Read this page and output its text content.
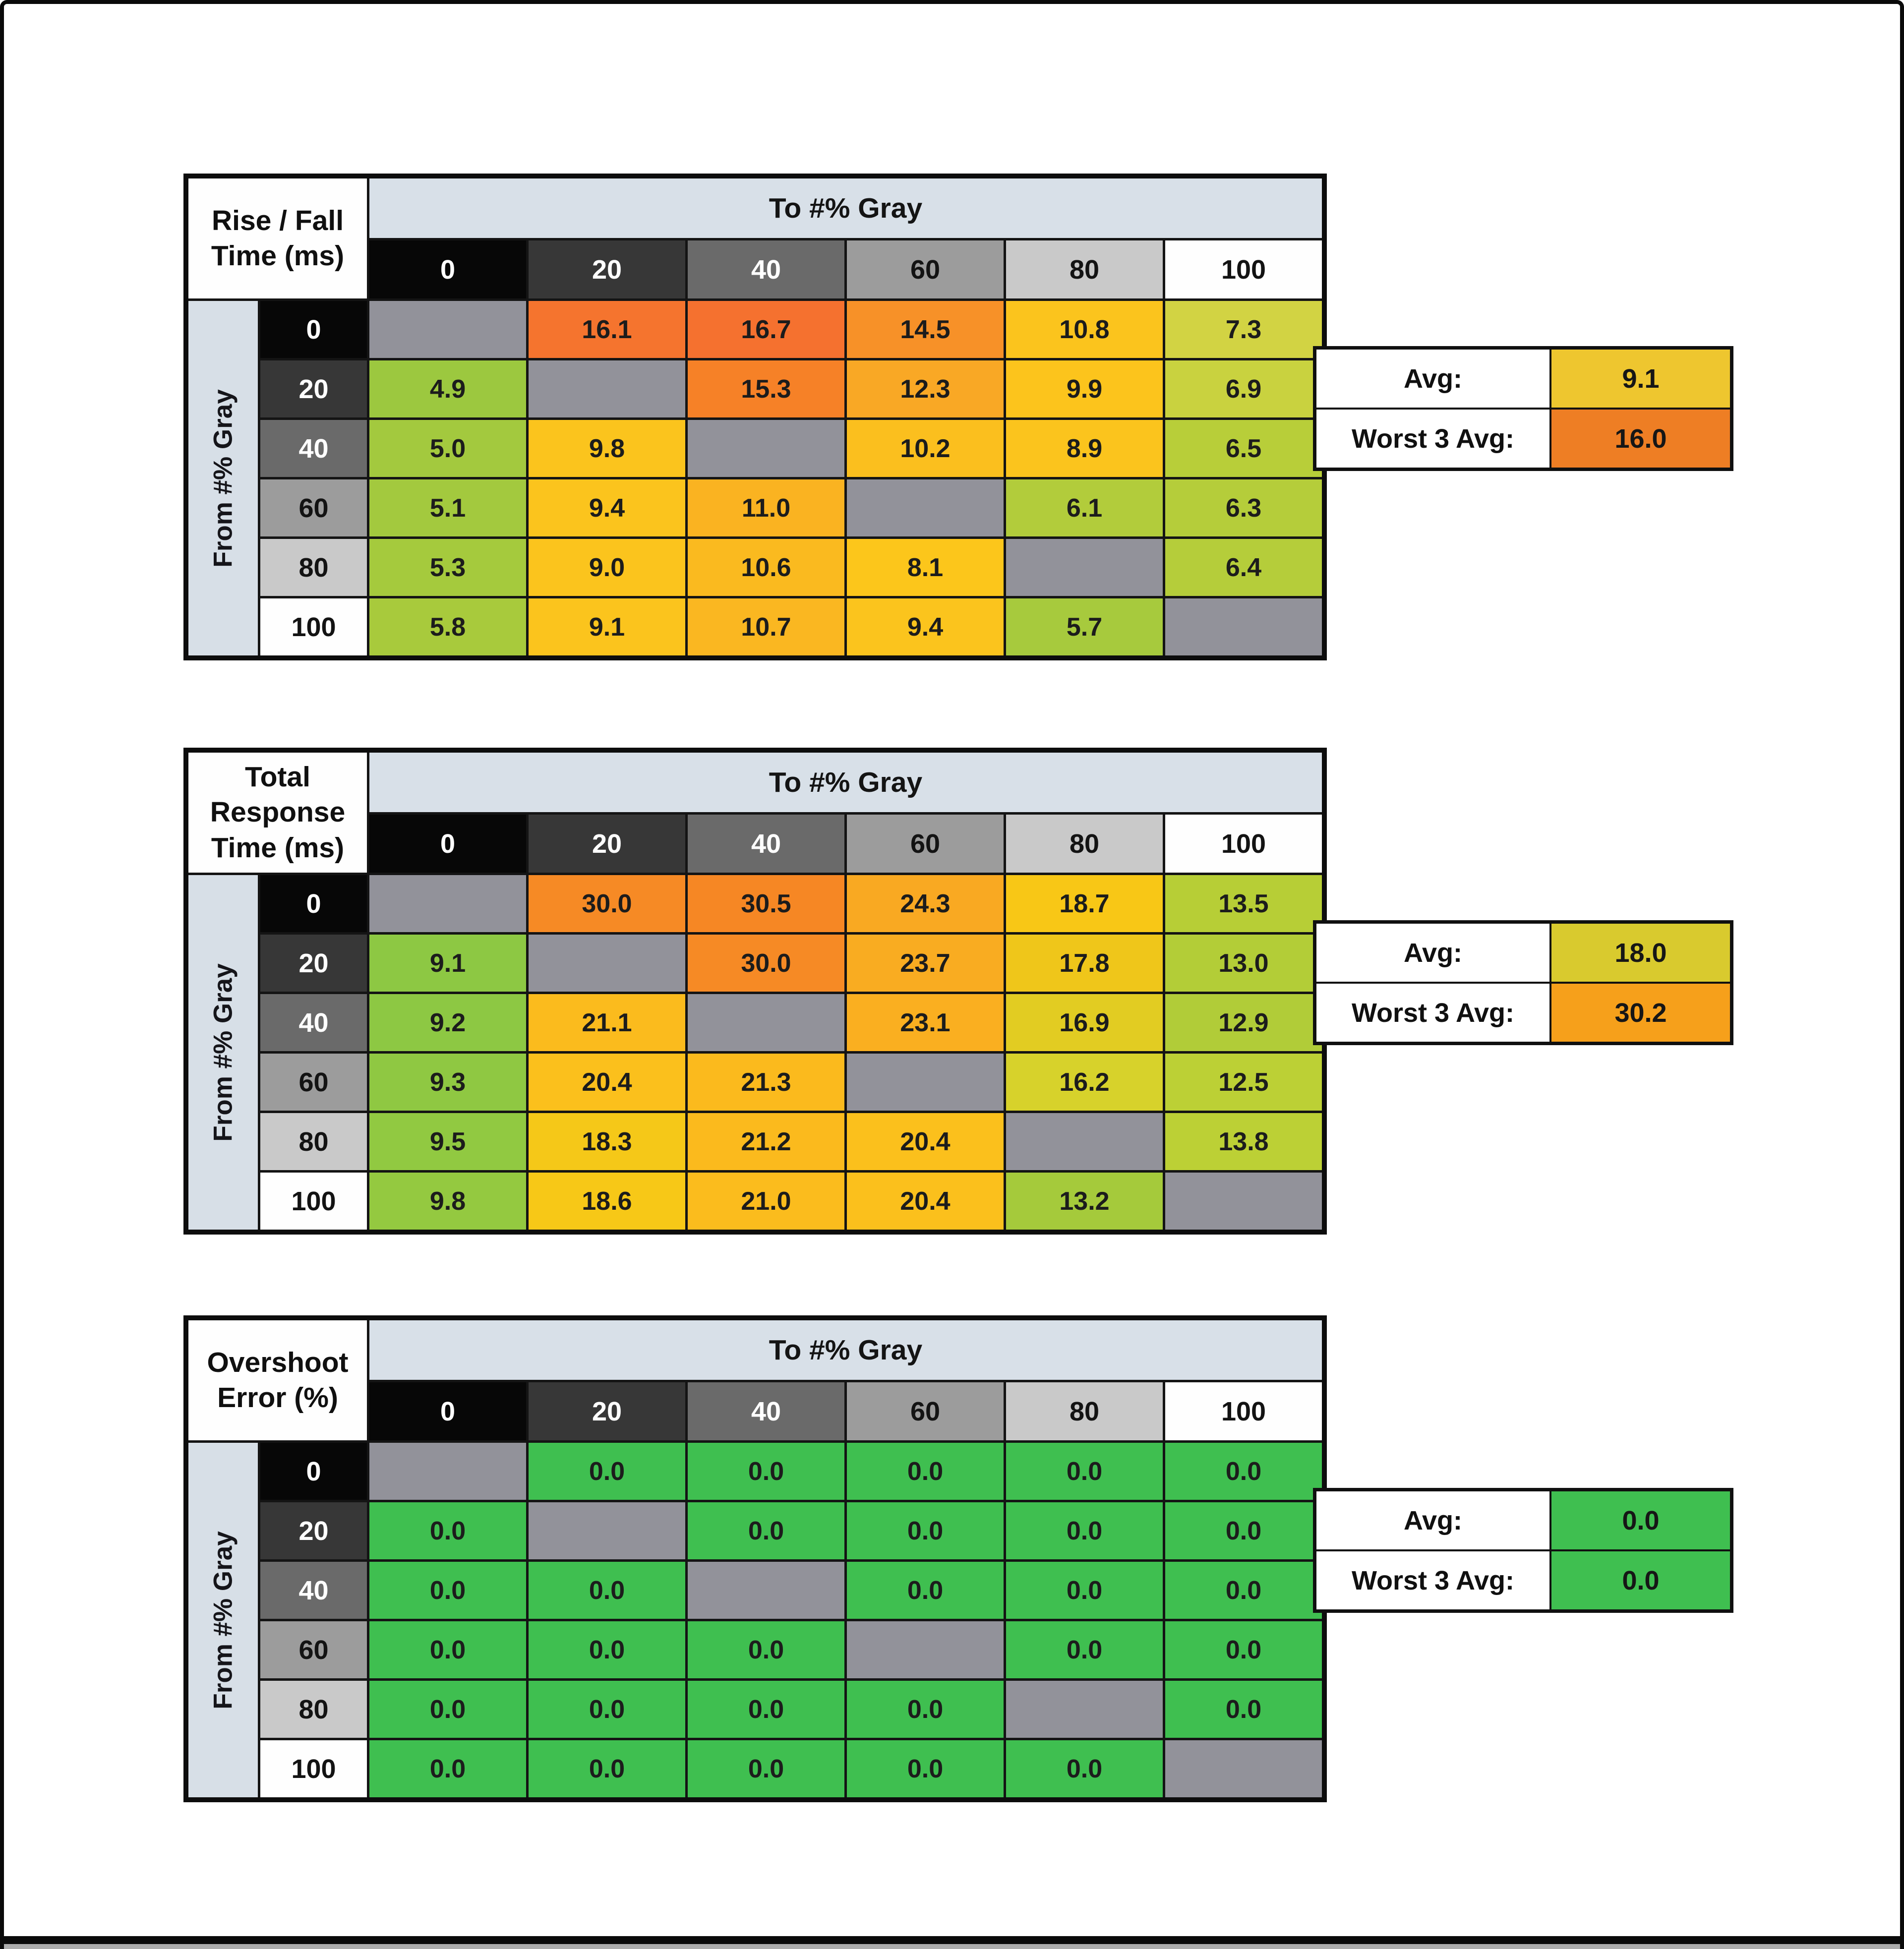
Rise / Fall
Time (ms)		To #% Gray					
		0	20	40	60	80	100

From #% Gray	0		16.1	16.7	14.5	10.8	7.3
	20	4.9		15.3	12.3	9.9	6.9
	40	5.0	9.8		10.2	8.9	6.5
	60	5.1	9.4	11.0		6.1	6.3
	80	5.3	9.0	10.6	8.1		6.4
	100	5.8	9.1	10.7	9.4	5.7	
Avg:	9.1
Worst 3 Avg:	16.0
Total Response
Time (ms)		To #% Gray					
		0	20	40	60	80	100

From #% Gray	0		30.0	30.5	24.3	18.7	13.5
	20	9.1		30.0	23.7	17.8	13.0
	40	9.2	21.1		23.1	16.9	12.9
	60	9.3	20.4	21.3		16.2	12.5
	80	9.5	18.3	21.2	20.4		13.8
	100	9.8	18.6	21.0	20.4	13.2	
Avg:	18.0
Worst 3 Avg:	30.2
Overshoot
Error (%)		To #% Gray					
		0	20	40	60	80	100

From #% Gray	0		0.0	0.0	0.0	0.0	0.0
	20	0.0		0.0	0.0	0.0	0.0
	40	0.0	0.0		0.0	0.0	0.0
	60	0.0	0.0	0.0		0.0	0.0
	80	0.0	0.0	0.0	0.0		0.0
	100	0.0	0.0	0.0	0.0	0.0	
Avg:	0.0
Worst 3 Avg:	0.0
